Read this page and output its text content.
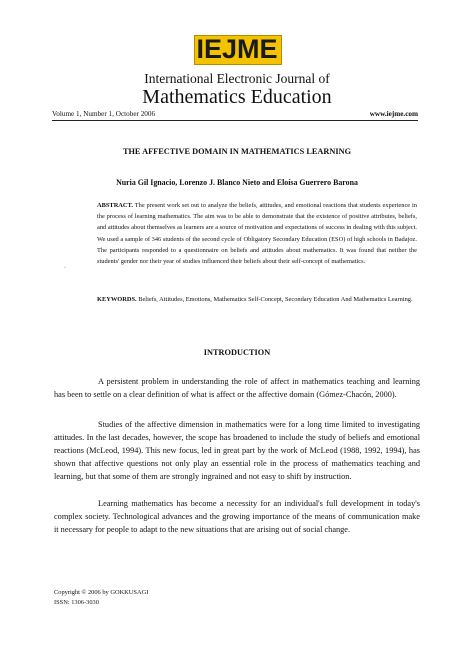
IEJME
International Electronic Journal of
Mathematics Education
Volume 1, Number 1, October 2006	www.iejme.com
THE AFFECTIVE DOMAIN IN MATHEMATICS LEARNING
Nuria Gil Ignacio, Lorenzo J. Blanco Nieto and Eloísa Guerrero Barona
ABSTRACT. The present work set out to analyze the beliefs, attitudes, and emotional reactions that students experience in the process of learning mathematics. The aim was to be able to demonstrate that the existence of positive attributes, beliefs, and attitudes about themselves as learners are a source of motivation and expectations of success in dealing with this subject. We used a sample of 346 students of the second cycle of Obligatory Secondary Education (ESO) of high schools in Badajoz. The participants responded to a questionnaire on beliefs and attitudes about mathematics. It was found that neither the students' gender nor their year of studies influenced their beliefs about their self-concept of mathematics.
·
KEYWORDS. Beliefs, Attitudes, Emotions, Mathematics Self-Concept, Secondary Education And Mathematics Learning.
INTRODUCTION
A persistent problem in understanding the role of affect in mathematics teaching and learning has been to settle on a clear definition of what is affect or the affective domain (Gómez-Chacón, 2000).
Studies of the affective dimension in mathematics were for a long time limited to investigating attitudes. In the last decades, however, the scope has broadened to include the study of beliefs and emotional reactions (McLeod, 1994). This new focus, led in great part by the work of McLeod (1988, 1992, 1994), has shown that affective questions not only play an essential role in the process of mathematics teaching and learning, but that some of them are strongly ingrained and not easy to shift by instruction.
Learning mathematics has become a necessity for an individual's full development in today's complex society. Technological advances and the growing importance of the means of communication make it necessary for people to adapt to the new situations that are arising out of social change.
Copyright © 2006 by GOKKUSAGI
ISSN: 1306-3030
